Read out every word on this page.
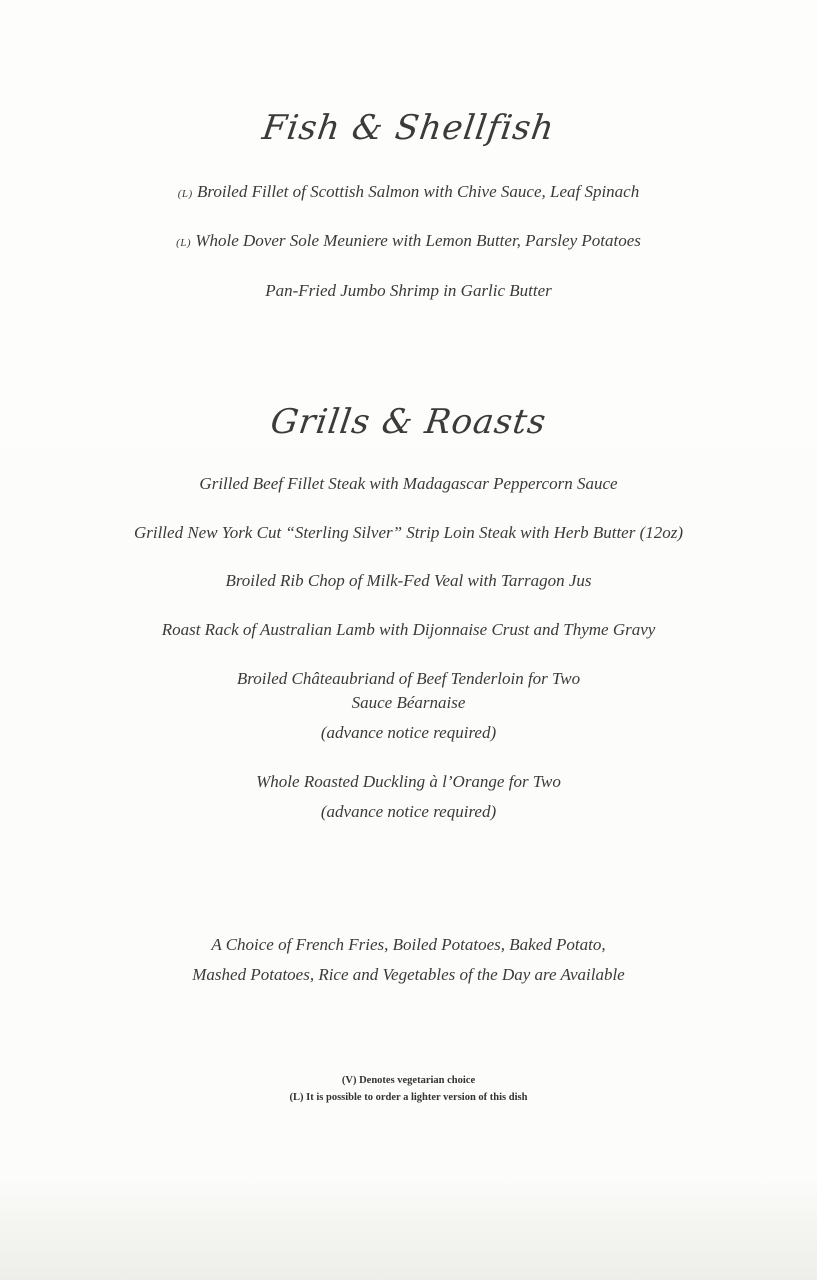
Fish & Shellfish
(L) Broiled Fillet of Scottish Salmon with Chive Sauce, Leaf Spinach
(L) Whole Dover Sole Meuniere with Lemon Butter, Parsley Potatoes
Pan-Fried Jumbo Shrimp in Garlic Butter
Grills & Roasts
Grilled Beef Fillet Steak with Madagascar Peppercorn Sauce
Grilled New York Cut “Sterling Silver” Strip Loin Steak with Herb Butter (12oz)
Broiled Rib Chop of Milk-Fed Veal with Tarragon Jus
Roast Rack of Australian Lamb with Dijonnaise Crust and Thyme Gravy
Broiled Châteaubriand of Beef Tenderloin for Two
Sauce Béarnaise
(advance notice required)
Whole Roasted Duckling à l’Orange for Two
(advance notice required)
A Choice of French Fries, Boiled Potatoes, Baked Potato,
Mashed Potatoes, Rice and Vegetables of the Day are Available
(V) Denotes vegetarian choice
(L) It is possible to order a lighter version of this dish
